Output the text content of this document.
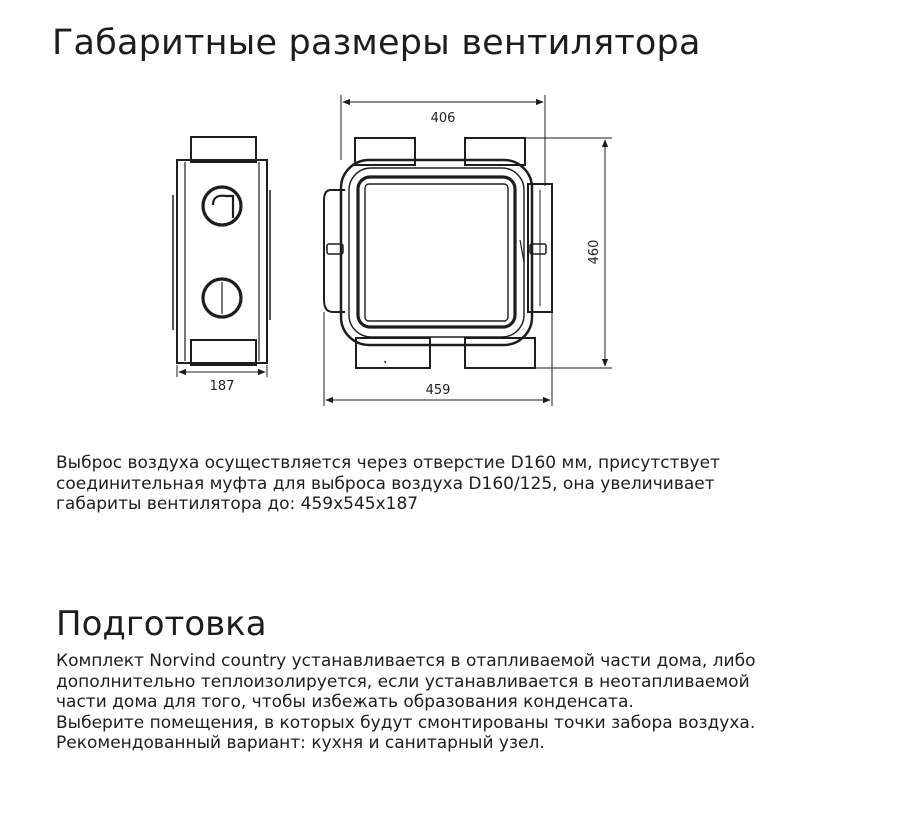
Габаритные размеры вентилятора
187
406
460
459

Выброс воздуха осуществляется через отверстие D160 мм, присутствует
соединительная муфта для выброса воздуха D160/125, она увеличивает
габариты вентилятора до: 459x545x187

Подготовка

Комплект Norvind country устанавливается в отапливаемой части дома, либо
дополнительно теплоизолируется, если устанавливается в неотапливаемой
части дома для того, чтобы избежать образования конденсата.
Выберите помещения, в которых будут смонтированы точки забора воздуха.
Рекомендованный вариант: кухня и санитарный узел.
